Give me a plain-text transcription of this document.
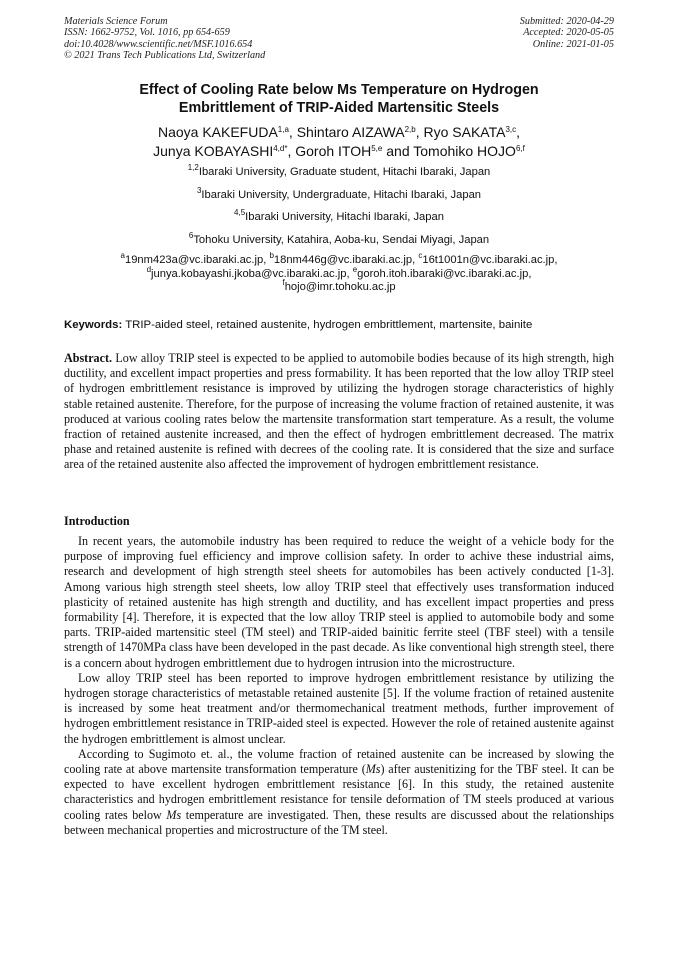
Materials Science Forum
ISSN: 1662-9752, Vol. 1016, pp 654-659
doi:10.4028/www.scientific.net/MSF.1016.654
© 2021 Trans Tech Publications Ltd, Switzerland
Submitted: 2020-04-29
Accepted: 2020-05-05
Online: 2021-01-05
Effect of Cooling Rate below Ms Temperature on Hydrogen
Embrittlement of TRIP-Aided Martensitic Steels
Naoya KAKEFUDA$^{1,a}$, Shintaro AIZAWA$^{2,b}$, Ryo SAKATA$^{3,c}$,
Junya $KOBAYASHI^{4,d*}$, Goroh ITOH$^{5,e}$ and Tomohiko HOJO$^{6,f}$
$^{1,2}$Ibaraki University, Graduate student, Hitachi Ibaraki, Japan
$^3$Ibaraki University, Undergraduate, Hitachi Ibaraki, Japan
$^{4,5}$Ibaraki University, Hitachi Ibaraki, Japan
$^6$Tohoku University, Katahira, Aoba-ku, Sendai Miyagi, Japan
$^a$19nm423a@vc.ibaraki.ac.jp, $^b$18nm446g@vc.ibaraki.ac.jp, $^c$16t1001n@vc.ibaraki.ac.jp,
$^d$junya.kobayashi.jkoba@vc.ibaraki.ac.jp, $^e$goroh.itoh.ibaraki@vc.ibaraki.ac.jp,
$^f$hojo@imr.tohoku.ac.jp
Keywords: TRIP-aided steel, retained austenite, hydrogen embrittlement, martensite, bainite
Abstract. Low alloy TRIP steel is expected to be applied to automobile bodies because of its high strength, high ductility, and excellent impact properties and press formability. It has been reported that the low alloy TRIP steel of hydrogen embrittlement resistance is improved by utilizing the hydrogen storage characteristics of highly stable retained austenite. Therefore, for the purpose of increasing the volume fraction of retained austenite, it was produced at various cooling rates below the martensite transformation start temperature. As a result, the volume fraction of retained austenite increased, and then the effect of hydrogen embrittlement decreased. The matrix phase and retained austenite is refined with decrees of the cooling rate. It is considered that the size and surface area of the retained austenite also affected the improvement of hydrogen embrittlement resistance.
Introduction

In recent years, the automobile industry has been required to reduce the weight of a vehicle body for the purpose of improving fuel efficiency and improve collision safety. In order to achive these industrial aims, research and development of high strength steel sheets for automobiles has been actively conducted [1-3]. Among various high strength steel sheets, low alloy TRIP steel that effectively uses transformation induced plasticity of retained austenite has high strength and ductility, and has excellent impact properties and press formability [4]. Therefore, it is expected that the low alloy TRIP steel is applied to automobile body and some parts. TRIP-aided martensitic steel (TM steel) and TRIP-aided bainitic ferrite steel (TBF steel) with a tensile strength of 1470MPa class have been developed in the past decade. As like conventional high strength steel, there is a concern about hydrogen embrittlement due to hydrogen intrusion into the microstructure.

Low alloy TRIP steel has been reported to improve hydrogen embrittlement resistance by utilizing the hydrogen storage characteristics of metastable retained austenite [5]. If the volume fraction of retained austenite is increased by some heat treatment and/or thermomechanical treatment methods, further improvement of hydrogen embrittlement resistance in TRIP-aided steel is expected. However the role of retained austenite against the hydrogen embrittlement is almost unclear.

According to Sugimoto et. al., the volume fraction of retained austenite can be increased by slowing the cooling rate at above martensite transformation temperature (Ms) after austenitizing for the TBF steel. It can be expected to have excellent hydrogen embrittlement resistance [6]. In this study, the retained austenite characteristics and hydrogen embrittlement resistance for tensile deformation of TM steels produced at various cooling rates below Ms temperature are investigated. Then, these results are discussed about the relationships between mechanical properties and microstructure of the TM steel.
